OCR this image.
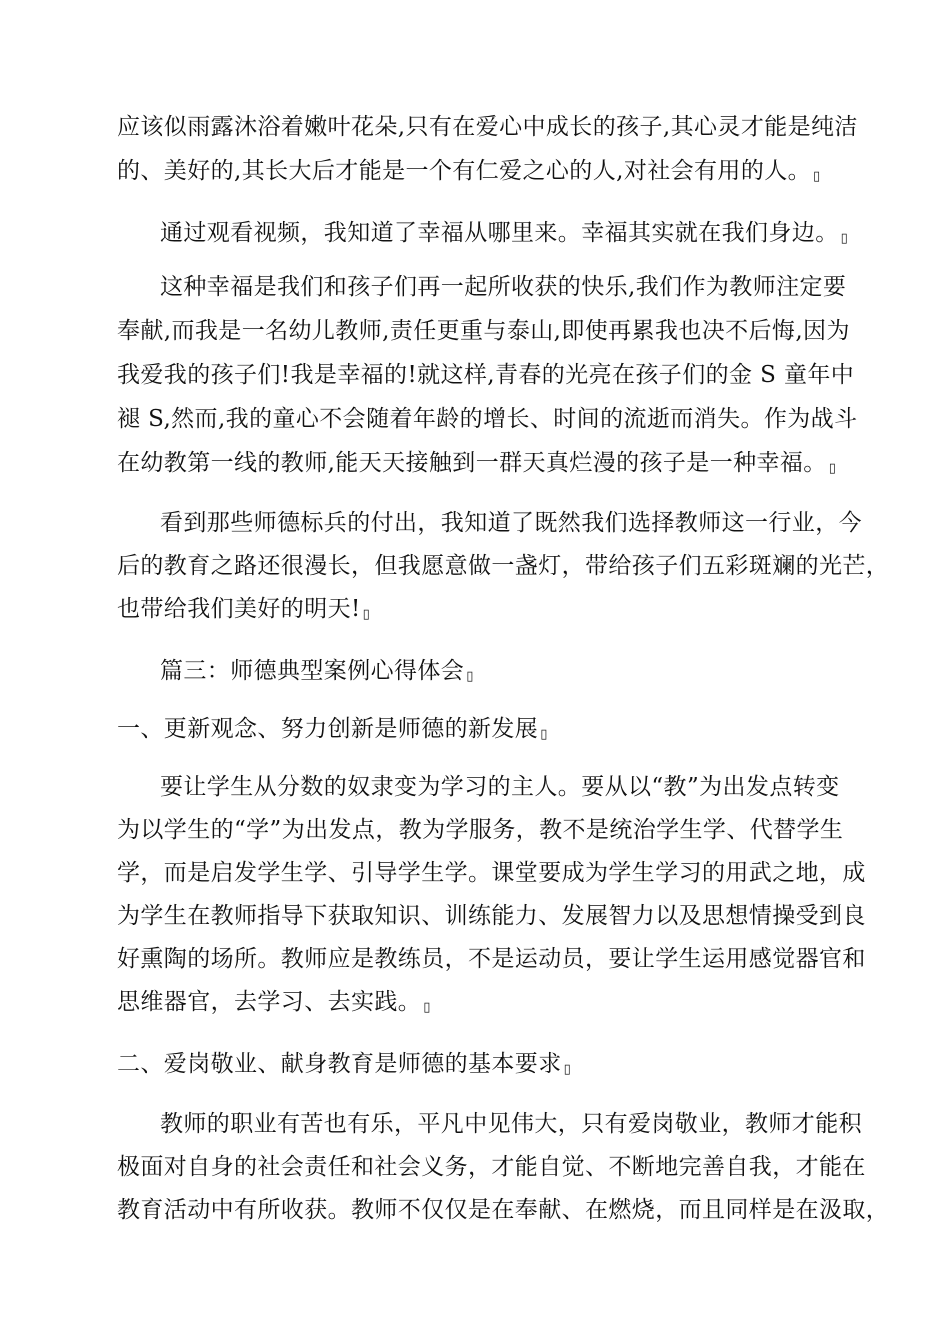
应该似雨露沐浴着嫩叶花朵,只有在爱心中成长的孩子,其心灵才能是纯洁
的、美好的,其长大后才能是一个有仁爱之心的人,对社会有用的人。 ▯
通过观看视频，我知道了幸福从哪里来。幸福其实就在我们身边。 ▯
这种幸福是我们和孩子们再一起所收获的快乐,我们作为教师注定要
奉献,而我是一名幼儿教师,责任更重与泰山,即使再累我也决不后悔,因为
我爱我的孩子们!我是幸福的!就这样,青春的光亮在孩子们的金 S 童年中
褪 S,然而,我的童心不会随着年龄的增长、时间的流逝而消失。作为战斗
在幼教第一线的教师,能天天接触到一群天真烂漫的孩子是一种幸福。 ▯
看到那些师德标兵的付出，我知道了既然我们选择教师这一行业，今
后的教育之路还很漫长，但我愿意做一盏灯，带给孩子们五彩斑斓的光芒，
也带给我们美好的明天! ▯
篇三：师德典型案例心得体会 ▯
一、更新观念、努力创新是师德的新发展 ▯
要让学生从分数的奴隶变为学习的主人。要从以“教”为出发点转变
为以学生的“学”为出发点，教为学服务，教不是统治学生学、代替学生
学，而是启发学生学、引导学生学。课堂要成为学生学习的用武之地，成
为学生在教师指导下获取知识、训练能力、发展智力以及思想情操受到良
好熏陶的场所。教师应是教练员，不是运动员，要让学生运用感觉器官和
思维器官，去学习、去实践。 ▯
二、爱岗敬业、献身教育是师德的基本要求 ▯
教师的职业有苦也有乐，平凡中见伟大，只有爱岗敬业，教师才能积
极面对自身的社会责任和社会义务，才能自觉、不断地完善自我，才能在
教育活动中有所收获。教师不仅仅是在奉献、在燃烧，而且同样是在汲取，
